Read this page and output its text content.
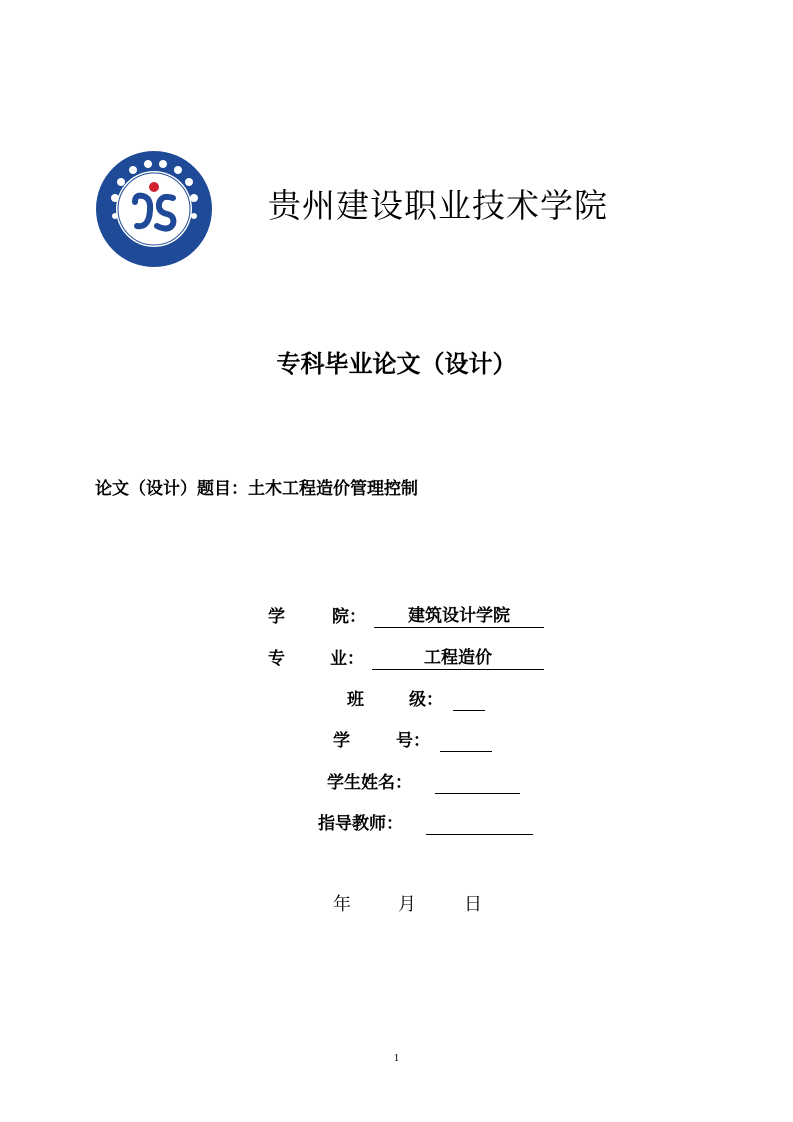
贵州建设职业技术学院
专科毕业论文（设计）
论文（设计）题目：土木工程造价管理控制
学	院：	建筑设计学院
专	业：	工程造价
班	级：
学	号：
学生姓名：
指导教师：
年	月	日
1
